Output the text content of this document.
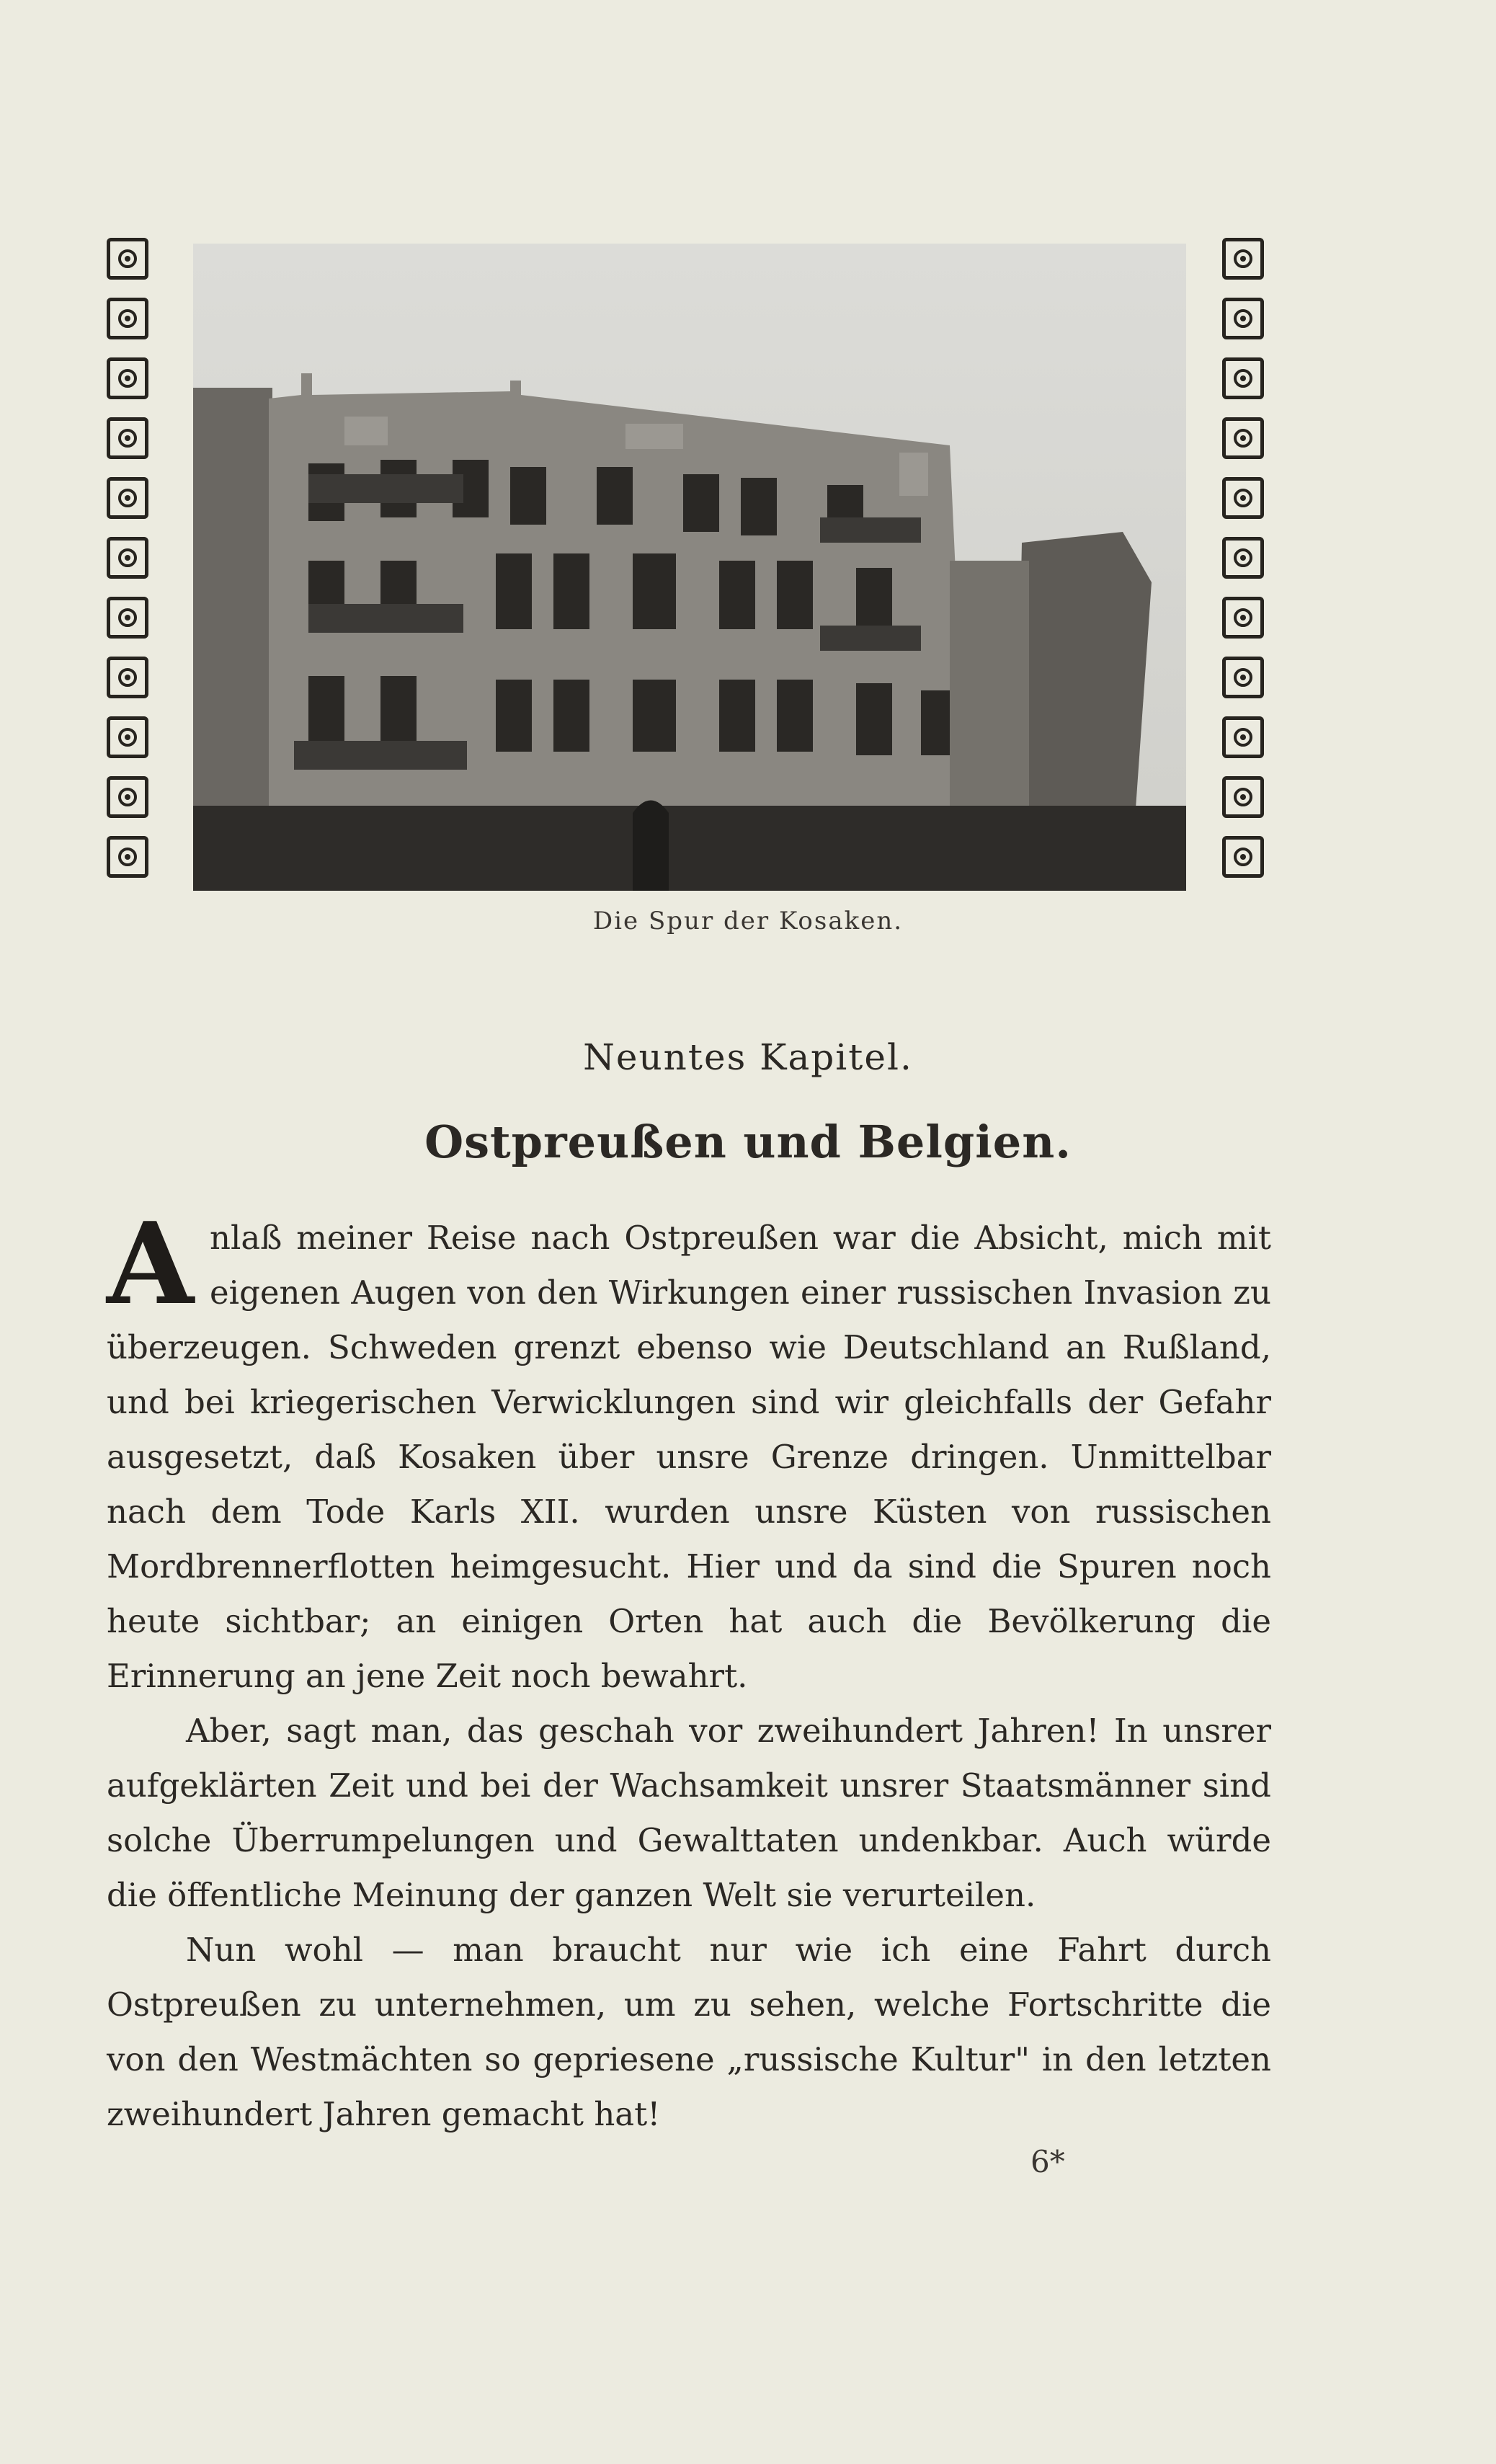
Die Spur der Kosaken.
Neuntes Kapitel.
Ostpreußen und Belgien.

Anlaß meiner Reise nach Ostpreußen war die Absicht, mich mit eigenen Augen von den Wirkungen einer russischen Invasion zu überzeugen. Schweden grenzt ebenso wie Deutschland an Rußland, und bei kriegerischen Verwicklungen sind wir gleichfalls der Gefahr ausgesetzt, daß Kosaken über unsre Grenze dringen. Unmittelbar nach dem Tode Karls XII. wurden unsre Küsten von russischen Mordbrennerflotten heimgesucht. Hier und da sind die Spuren noch heute sichtbar; an einigen Orten hat auch die Bevölkerung die Erinnerung an jene Zeit noch bewahrt.

Aber, sagt man, das geschah vor zweihundert Jahren! In unsrer aufgeklärten Zeit und bei der Wachsamkeit unsrer Staatsmänner sind solche Überrumpelungen und Gewalttaten undenkbar. Auch würde die öffentliche Meinung der ganzen Welt sie verurteilen.

Nun wohl — man braucht nur wie ich eine Fahrt durch Ostpreußen zu unternehmen, um zu sehen, welche Fortschritte die von den Westmächten so gepriesene „russische Kultur" in den letzten zweihundert Jahren gemacht hat!

6*
